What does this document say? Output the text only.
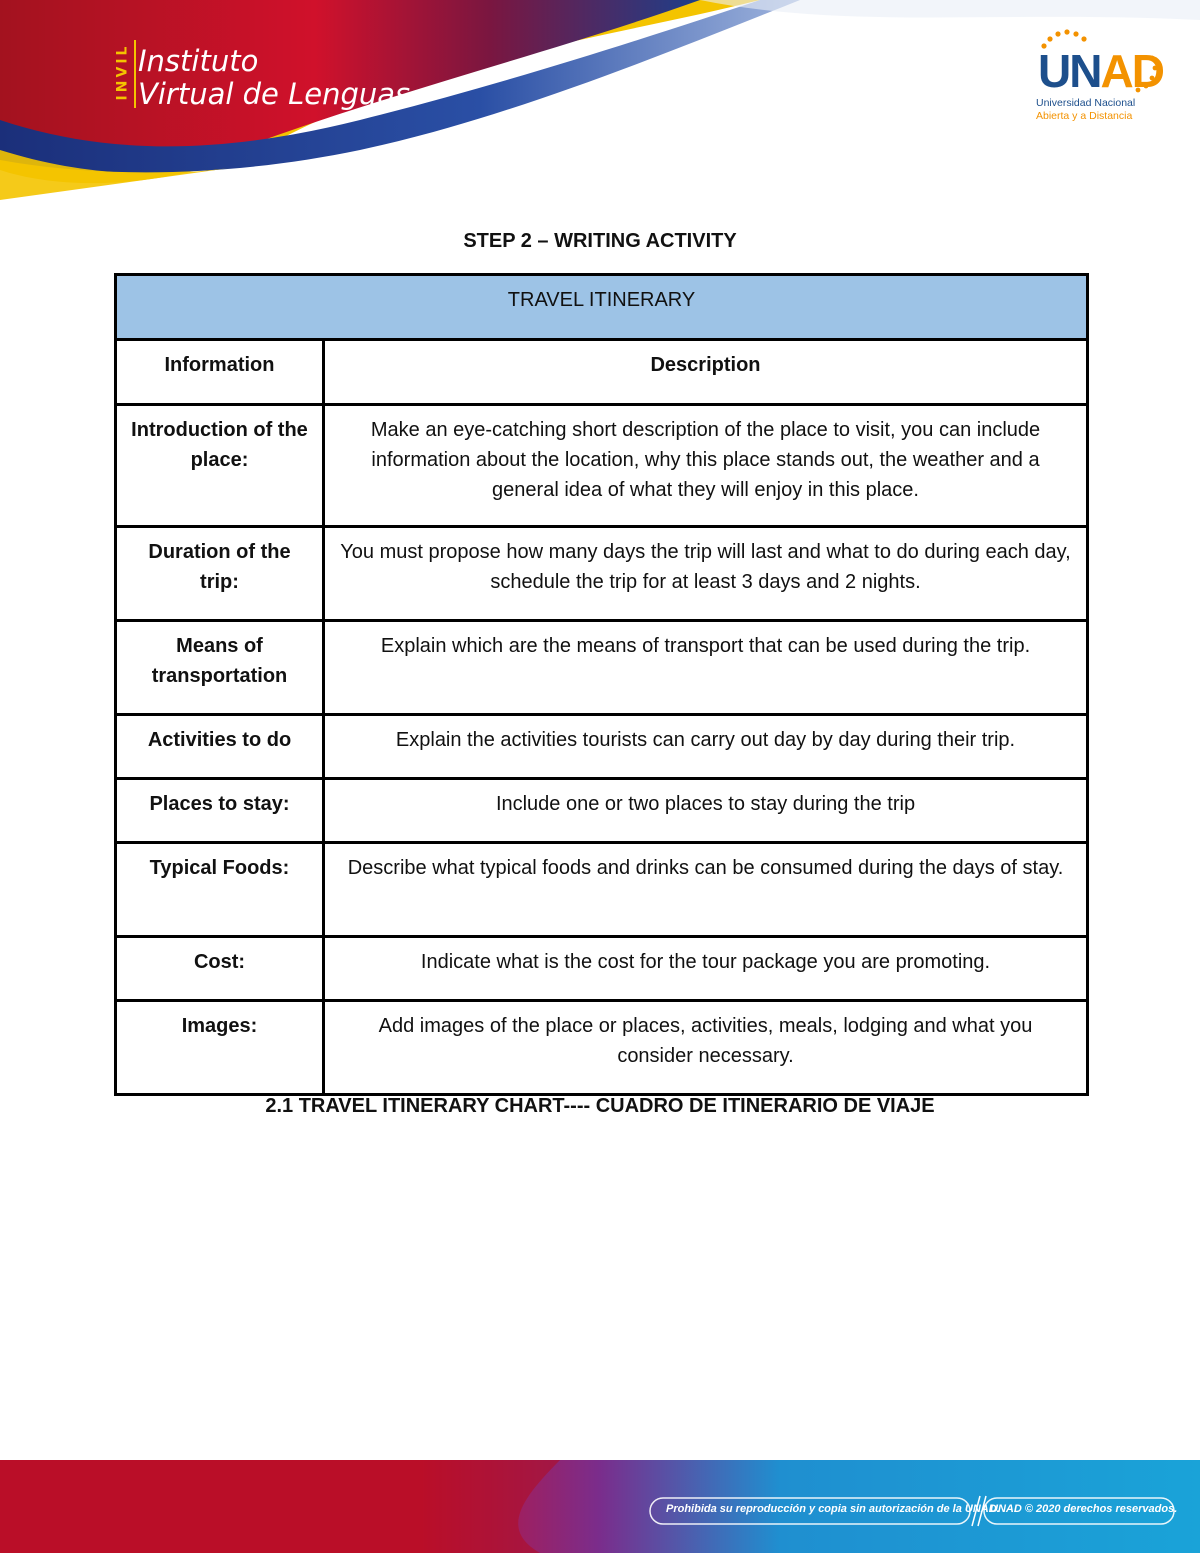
INVIL Instituto
Virtual de Lenguas	UNAD
Universidad Nacional
Abierta y a Distancia
STEP 2 – WRITING ACTIVITY
TRAVEL ITINERARY	
Information	Description
Introduction of the place:	Make an eye-catching short description of the place to visit, you can include information about the location, why this place stands out, the weather and a general idea of what they will enjoy in this place.
Duration of the trip:	You must propose how many days the trip will last and what to do during each day, schedule the trip for at least 3 days and 2 nights.
Means of transportation	Explain which are the means of transport that can be used during the trip.
Activities to do	Explain the activities tourists can carry out day by day during their trip.
Places to stay:	Include one or two places to stay during the trip
Typical Foods:	Describe what typical foods and drinks can be consumed during the days of stay.
Cost:	Indicate what is the cost for the tour package you are promoting.
Images:	Add images of the place or places, activities, meals, lodging and what you consider necessary.
2.1 TRAVEL ITINERARY CHART---- CUADRO DE ITINERARIO DE VIAJE
Prohibida su reproducción y copia sin autorización de la UNAD.
UNAD © 2020 derechos reservados.
